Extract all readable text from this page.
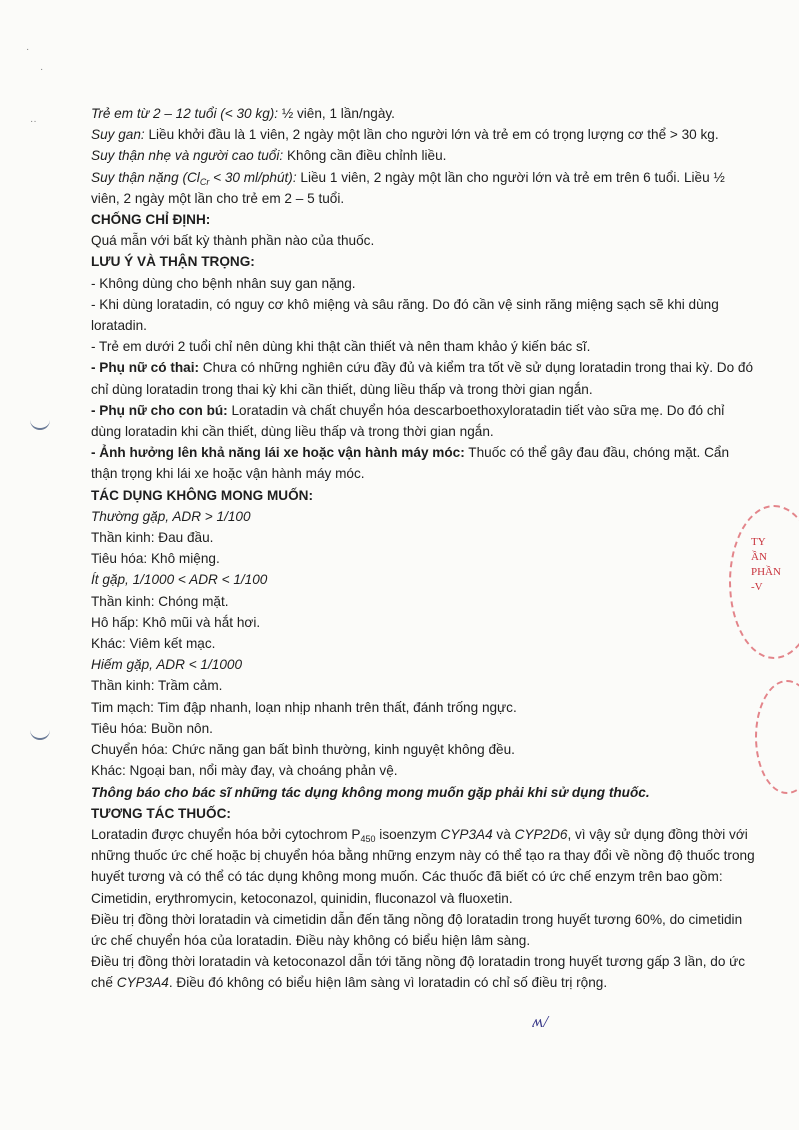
·
·
··
TY
ẦN
PHẦN
-V

Trẻ em từ 2 – 12 tuổi (< 30 kg): ½ viên, 1 lần/ngày.

Suy gan: Liều khởi đầu là 1 viên, 2 ngày một lần cho người lớn và trẻ em có trọng lượng cơ thể > 30 kg.

Suy thận nhẹ và người cao tuổi: Không cần điều chỉnh liều.

Suy thận nặng ($Cl_{Cr} < 30$ ml/phút): Liều 1 viên, 2 ngày một lần cho người lớn và trẻ em trên 6 tuổi. Liều ½ viên, 2 ngày một lần cho trẻ em 2 – 5 tuổi.

CHỐNG CHỈ ĐỊNH:

Quá mẫn với bất kỳ thành phần nào của thuốc.

LƯU Ý VÀ THẬN TRỌNG:

- Không dùng cho bệnh nhân suy gan nặng.

- Khi dùng loratadin, có nguy cơ khô miệng và sâu răng. Do đó cần vệ sinh răng miệng sạch sẽ khi dùng loratadin.

- Trẻ em dưới 2 tuổi chỉ nên dùng khi thật cần thiết và nên tham khảo ý kiến bác sĩ.

- Phụ nữ có thai: Chưa có những nghiên cứu đầy đủ và kiểm tra tốt về sử dụng loratadin trong thai kỳ. Do đó chỉ dùng loratadin trong thai kỳ khi cần thiết, dùng liều thấp và trong thời gian ngắn.

- Phụ nữ cho con bú: Loratadin và chất chuyển hóa descarboethoxyloratadin tiết vào sữa mẹ. Do đó chỉ dùng loratadin khi cần thiết, dùng liều thấp và trong thời gian ngắn.

- Ảnh hưởng lên khả năng lái xe hoặc vận hành máy móc: Thuốc có thể gây đau đầu, chóng mặt. Cẩn thận trọng khi lái xe hoặc vận hành máy móc.

TÁC DỤNG KHÔNG MONG MUỐN:

Thường gặp, ADR > 1/100

Thần kinh: Đau đầu.

Tiêu hóa: Khô miệng.

Ít gặp, 1/1000 < ADR < 1/100

Thần kinh: Chóng mặt.

Hô hấp: Khô mũi và hắt hơi.

Khác: Viêm kết mạc.

Hiếm gặp, ADR < 1/1000

Thần kinh: Trầm cảm.

Tim mạch: Tim đập nhanh, loạn nhịp nhanh trên thất, đánh trống ngực.

Tiêu hóa: Buồn nôn.

Chuyển hóa: Chức năng gan bất bình thường, kinh nguyệt không đều.

Khác: Ngoại ban, nổi mày đay, và choáng phản vệ.

Thông báo cho bác sĩ những tác dụng không mong muốn gặp phải khi sử dụng thuốc.

TƯƠNG TÁC THUỐC:

Loratadin được chuyển hóa bởi cytochrom $P_{450}$ isoenzym CYP3A4 và CYP2D6, vì vậy sử dụng đồng thời với những thuốc ức chế hoặc bị chuyển hóa bằng những enzym này có thể tạo ra thay đổi về nồng độ thuốc trong huyết tương và có thể có tác dụng không mong muốn. Các thuốc đã biết có ức chế enzym trên bao gồm: Cimetidin, erythromycin, ketoconazol, quinidin, fluconazol và fluoxetin.

Điều trị đồng thời loratadin và cimetidin dẫn đến tăng nồng độ loratadin trong huyết tương 60%, do cimetidin ức chế chuyển hóa của loratadin. Điều này không có biểu hiện lâm sàng.

Điều trị đồng thời loratadin và ketoconazol dẫn tới tăng nồng độ loratadin trong huyết tương gấp 3 lần, do ức chế CYP3A4. Điều đó không có biểu hiện lâm sàng vì loratadin có chỉ số điều trị rộng.

ʍ/
